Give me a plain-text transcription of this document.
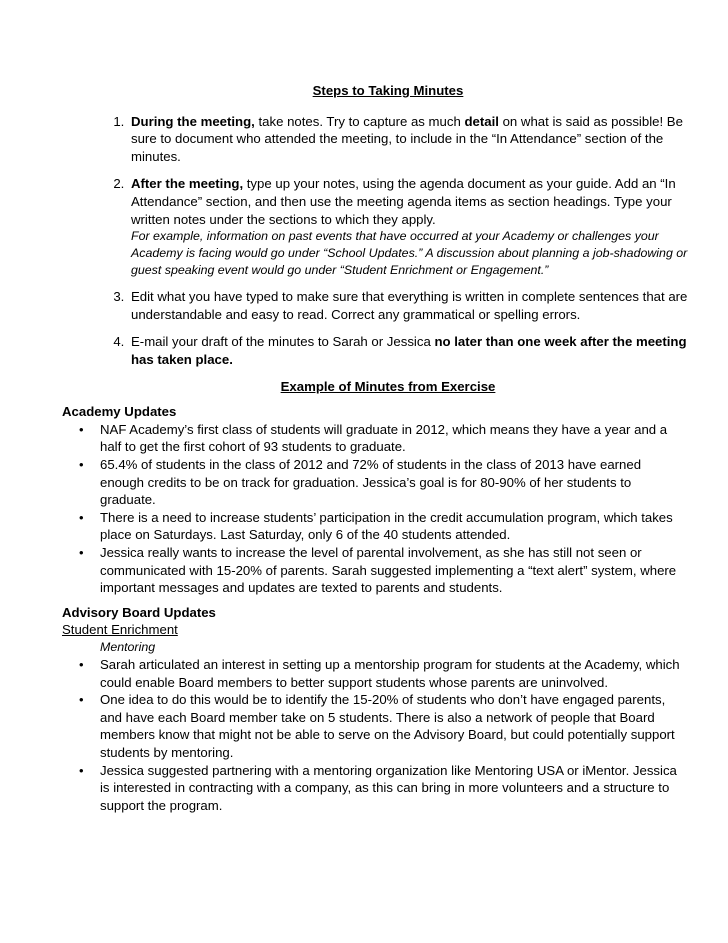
Steps to Taking Minutes
1. During the meeting, take notes. Try to capture as much detail on what is said as possible! Be sure to document who attended the meeting, to include in the “In Attendance” section of the minutes.
2. After the meeting, type up your notes, using the agenda document as your guide. Add an “In Attendance” section, and then use the meeting agenda items as section headings. Type your written notes under the sections to which they apply.
For example, information on past events that have occurred at your Academy or challenges your Academy is facing would go under “School Updates.” A discussion about planning a job-shadowing or guest speaking event would go under “Student Enrichment or Engagement.”
3. Edit what you have typed to make sure that everything is written in complete sentences that are understandable and easy to read. Correct any grammatical or spelling errors.
4. E-mail your draft of the minutes to Sarah or Jessica no later than one week after the meeting has taken place.
Example of Minutes from Exercise
Academy Updates
• NAF Academy’s first class of students will graduate in 2012, which means they have a year and a half to get the first cohort of 93 students to graduate.
• 65.4% of students in the class of 2012 and 72% of students in the class of 2013 have earned enough credits to be on track for graduation. Jessica’s goal is for 80-90% of her students to graduate.
• There is a need to increase students’ participation in the credit accumulation program, which takes place on Saturdays. Last Saturday, only 6 of the 40 students attended.
• Jessica really wants to increase the level of parental involvement, as she has still not seen or communicated with 15-20% of parents. Sarah suggested implementing a “text alert” system, where important messages and updates are texted to parents and students.
Advisory Board Updates
Student Enrichment
Mentoring
• Sarah articulated an interest in setting up a mentorship program for students at the Academy, which could enable Board members to better support students whose parents are uninvolved.
• One idea to do this would be to identify the 15-20% of students who don’t have engaged parents, and have each Board member take on 5 students. There is also a network of people that Board members know that might not be able to serve on the Advisory Board, but could potentially support students by mentoring.
• Jessica suggested partnering with a mentoring organization like Mentoring USA or iMentor. Jessica is interested in contracting with a company, as this can bring in more volunteers and a structure to support the program.
